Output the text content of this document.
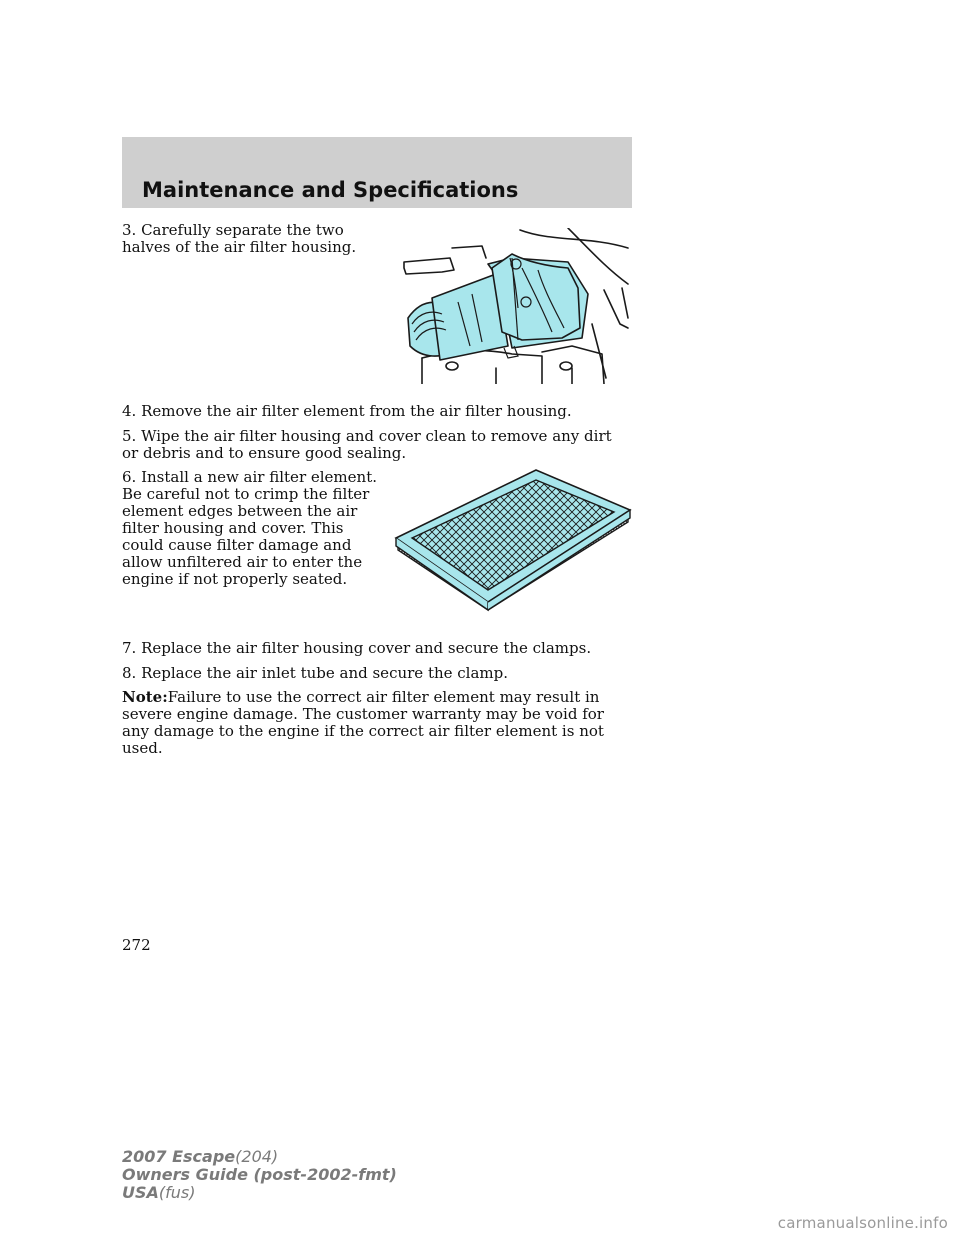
Maintenance and Specifications

3. Carefully separate the two halves of the air filter housing.

4. Remove the air filter element from the air filter housing.

5. Wipe the air filter housing and cover clean to remove any dirt or debris and to ensure good sealing.

6. Install a new air filter element. Be careful not to crimp the filter element edges between the air filter housing and cover. This could cause filter damage and allow unfiltered air to enter the engine if not properly seated.

7. Replace the air filter housing cover and secure the clamps.

8. Replace the air inlet tube and secure the clamp.

Note:Failure to use the correct air filter element may result in severe engine damage. The customer warranty may be void for any damage to the engine if the correct air filter element is not used.

272
2007 Escape(204)
Owners Guide (post-2002-fmt)
USA(fus)
carmanualsonline.info
